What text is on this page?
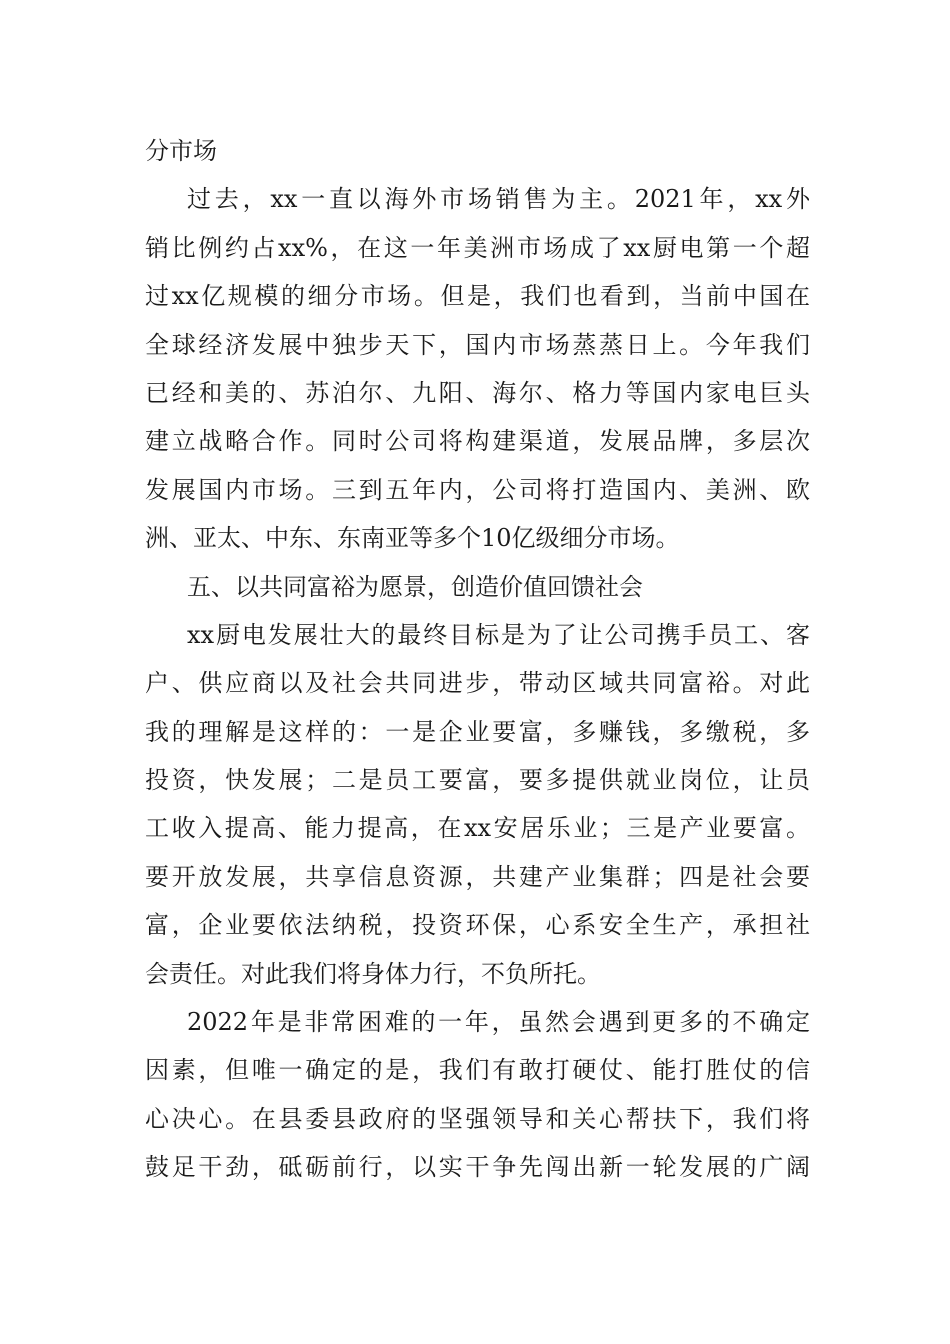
分市场
过去，xx一直以海外市场销售为主。2021年，xx外
销比例约占xx%，在这一年美洲市场成了xx厨电第一个超
过xx亿规模的细分市场。但是，我们也看到，当前中国在
全球经济发展中独步天下，国内市场蒸蒸日上。今年我们
已经和美的、苏泊尔、九阳、海尔、格力等国内家电巨头
建立战略合作。同时公司将构建渠道，发展品牌，多层次
发展国内市场。三到五年内，公司将打造国内、美洲、欧
洲、亚太、中东、东南亚等多个10亿级细分市场。
五、以共同富裕为愿景，创造价值回馈社会
xx厨电发展壮大的最终目标是为了让公司携手员工、客
户、供应商以及社会共同进步，带动区域共同富裕。对此
我的理解是这样的：一是企业要富，多赚钱，多缴税，多
投资，快发展；二是员工要富，要多提供就业岗位，让员
工收入提高、能力提高，在xx安居乐业；三是产业要富。
要开放发展，共享信息资源，共建产业集群；四是社会要
富，企业要依法纳税，投资环保，心系安全生产，承担社
会责任。对此我们将身体力行，不负所托。
2022年是非常困难的一年，虽然会遇到更多的不确定
因素，但唯一确定的是，我们有敢打硬仗、能打胜仗的信
心决心。在县委县政府的坚强领导和关心帮扶下，我们将
鼓足干劲，砥砺前行，以实干争先闯出新一轮发展的广阔
